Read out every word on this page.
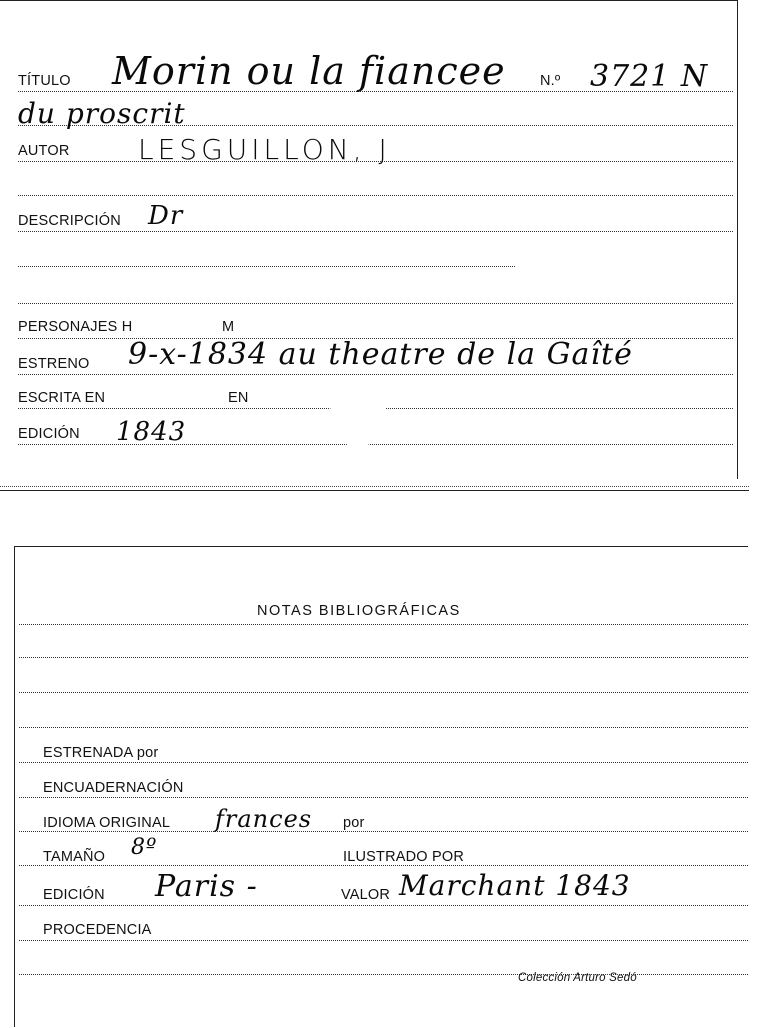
TÍTULO Morin ou la fiancee N.º 3721 N
du proscrit
AUTOR LESGUILLON, J
DESCRIPCIÓN Dr
PERSONAJES H	M
ESTRENO 9-x-1834 au theatre de la Gaîté
ESCRITA EN	EN
EDICIÓN 1843
NOTAS BIBLIOGRÁFICAS
ESTRENADA por
ENCUADERNACIÓN
IDIOMA ORIGINAL frances por
TAMAÑO 8º	ILUSTRADO POR
EDICIÓN Paris -	VALOR Marchant 1843
PROCEDENCIA
Colección Arturo Sedó
